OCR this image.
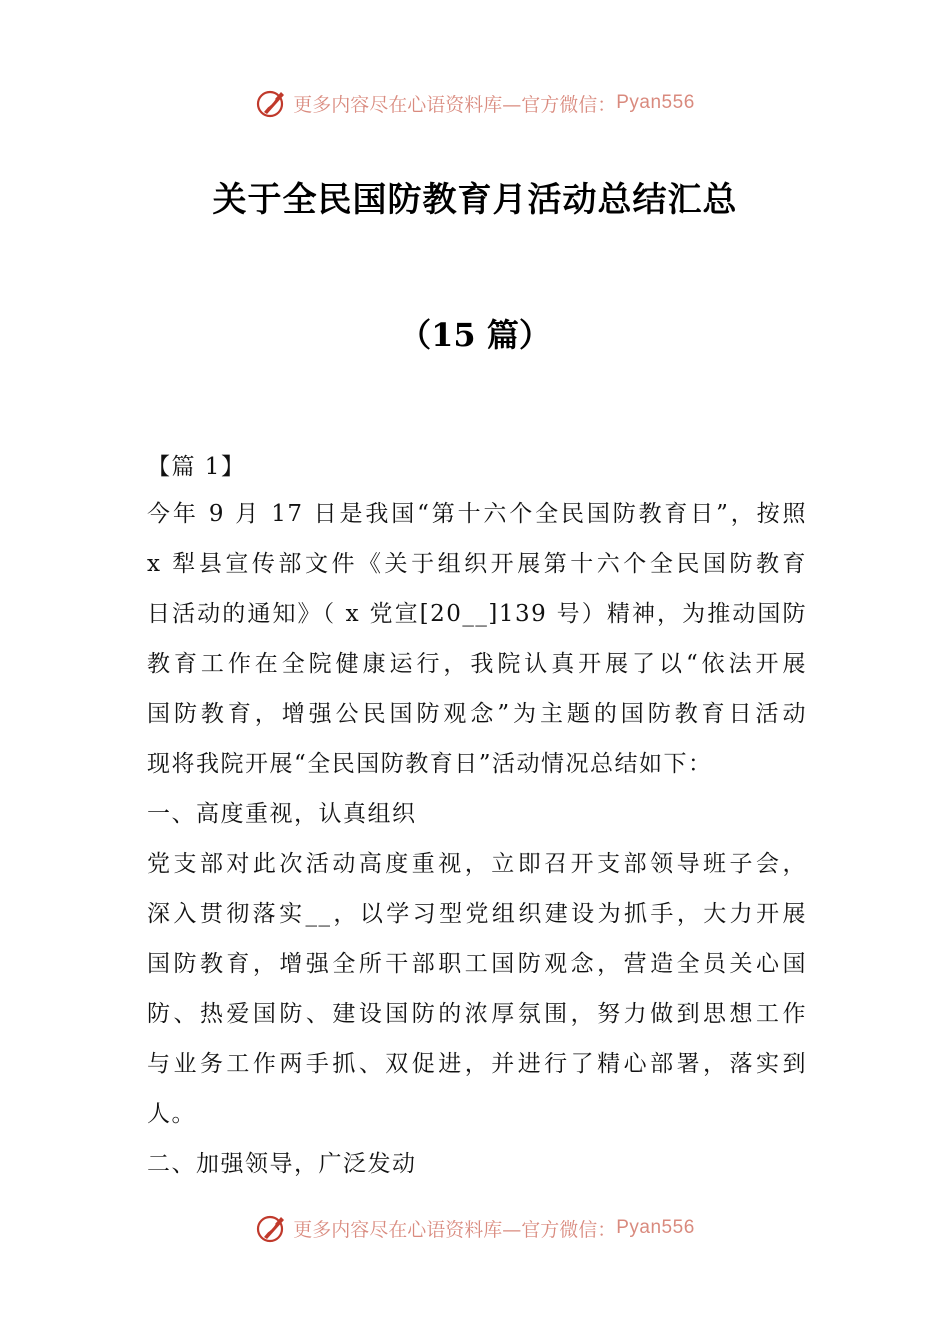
更多内容尽在心语资料库—官方微信： Pyan556
关于全民国防教育月活动总结汇总
（15 篇）
【篇 1】
今年 9 月 17 日是我国“第十六个全民国防教育日”，按照
x 犁县宣传部文件《关于组织开展第十六个全民国防教育
日活动的通知》（ x 党宣[20__]139 号）精神，为推动国防
教育工作在全院健康运行，我院认真开展了以“依法开展
国防教育，增强公民国防观念”为主题的国防教育日活动
现将我院开展“全民国防教育日”活动情况总结如下：
一、高度重视，认真组织
党支部对此次活动高度重视，立即召开支部领导班子会，
深入贯彻落实__，以学习型党组织建设为抓手，大力开展
国防教育，增强全所干部职工国防观念，营造全员关心国
防、热爱国防、建设国防的浓厚氛围，努力做到思想工作
与业务工作两手抓、双促进，并进行了精心部署，落实到
人。
二、加强领导，广泛发动
更多内容尽在心语资料库—官方微信： Pyan556
